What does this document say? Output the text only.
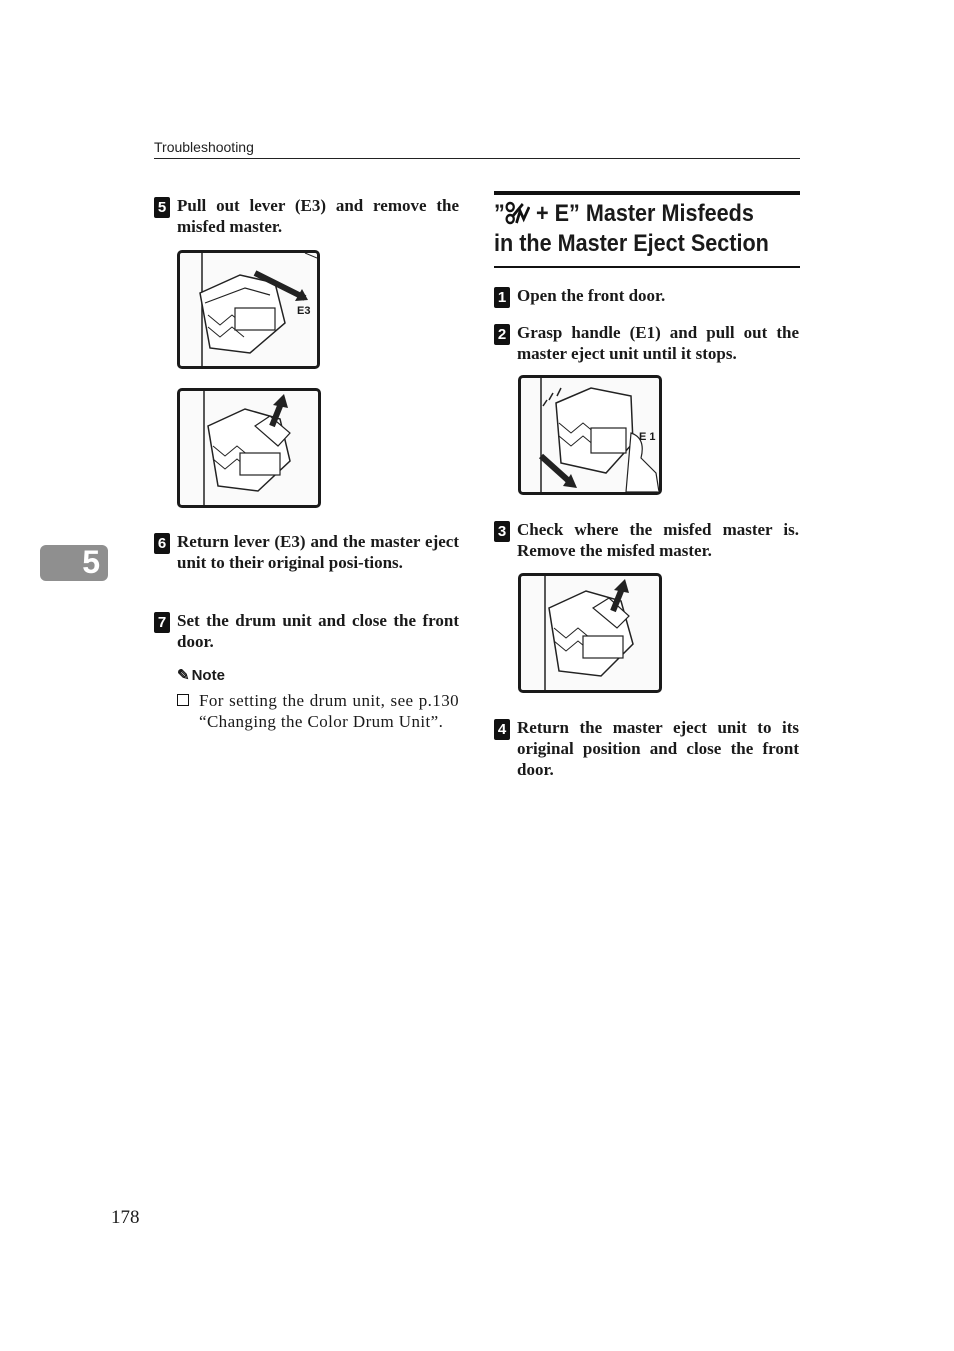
Troubleshooting
5
5 Pull out lever (E3) and remove the misfed master.
E3
6 Return lever (E3) and the master eject unit to their original posi-tions.
7 Set the drum unit and close the front door.
✎ Note
For setting the drum unit, see p.130 “Changing the Color Drum Unit”.
” + E” Master Misfeeds in the Master Eject Section
1 Open the front door.
2 Grasp handle (E1) and pull out the master eject unit until it stops.
E 1
3 Check where the misfed master is. Remove the misfed master.
4 Return the master eject unit to its original position and close the front door.
178
